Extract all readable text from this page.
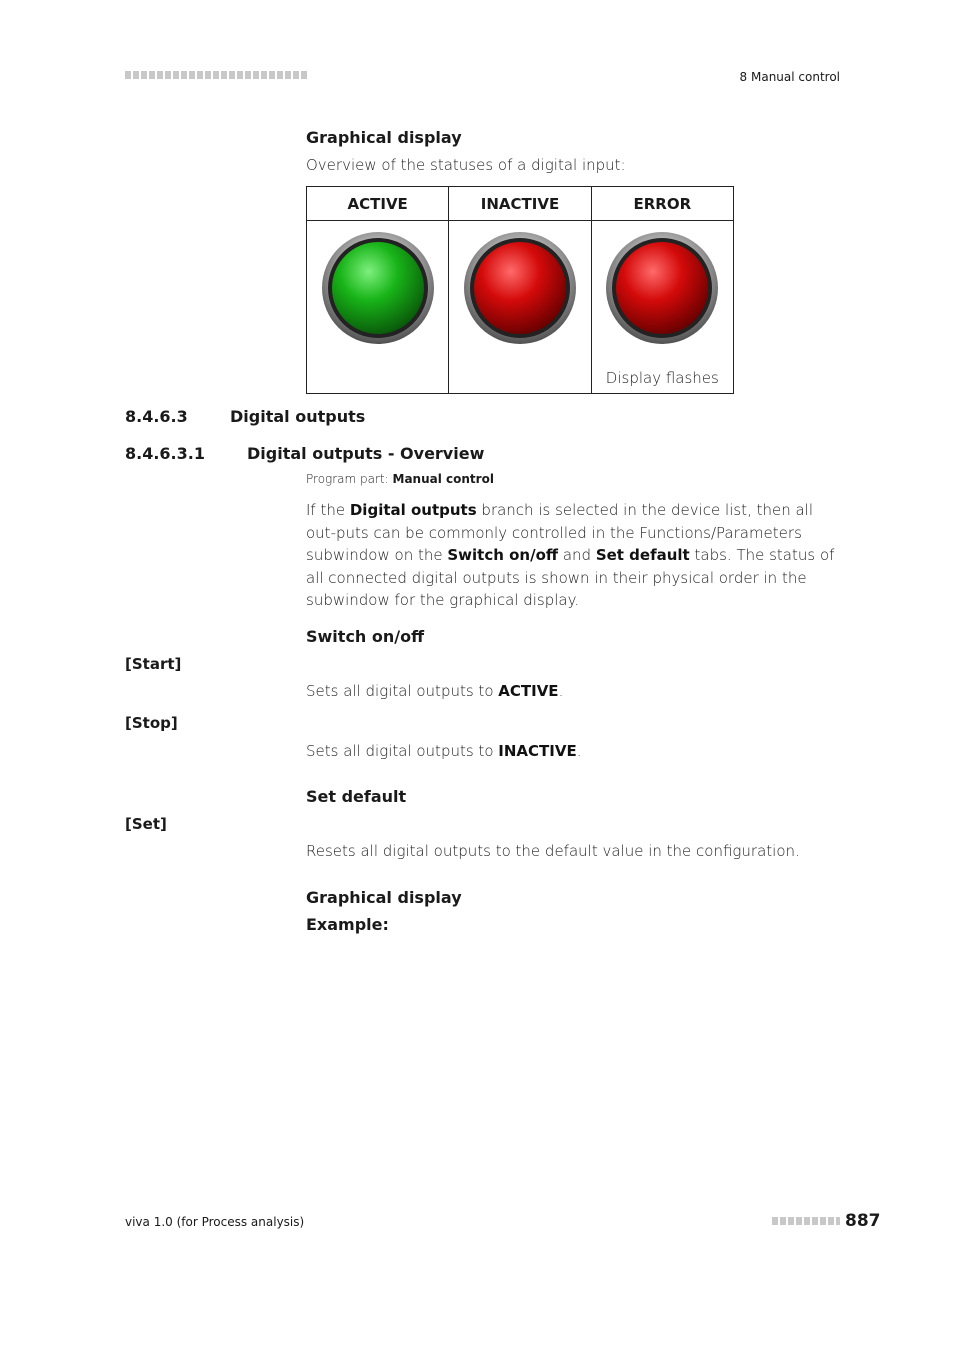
8 Manual control
Graphical display
Overview of the statuses of a digital input:
ACTIVE	INACTIVE	ERROR

Display flashes
8.4.6.3	Digital outputs
8.4.6.3.1	Digital outputs - Overview
Program part: Manual control
If the Digital outputs branch is selected in the device list, then all out-puts can be commonly controlled in the Functions/Parameters subwindow on the Switch on/off and Set default tabs. The status of all connected digital outputs is shown in their physical order in the subwindow for the graphical display.
Switch on/off
[Start]
Sets all digital outputs to ACTIVE.
[Stop]
Sets all digital outputs to INACTIVE.
Set default
[Set]
Resets all digital outputs to the default value in the configuration.
Graphical display
Example:
viva 1.0 (for Process analysis)	887
